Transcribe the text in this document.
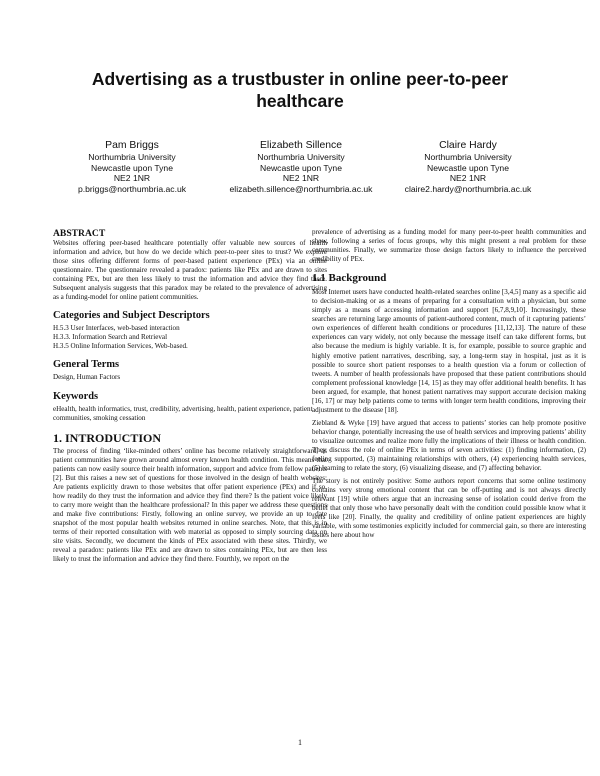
Advertising as a trustbuster in online peer-to-peer healthcare
Pam Briggs
Northumbria University
Newcastle upon Tyne
NE2 1NR
p.briggs@northumbria.ac.uk
Elizabeth Sillence
Northumbria University
Newcastle upon Tyne
NE2 1NR
elizabeth.sillence@northumbria.ac.uk
Claire Hardy
Northumbria University
Newcastle upon Tyne
NE2 1NR
claire2.hardy@northumbria.ac.uk
ABSTRACT

Websites offering peer-based healthcare potentially offer valuable new sources of health information and advice, but how do we decide which peer-to-peer sites to trust? We explore those sites offering different forms of peer-based patient experience (PEx) via an online questionnaire. The questionnaire revealed a paradox: patients like PEx and are drawn to sites containing PEx, but are then less likely to trust the information and advice they find there. Subsequent analysis suggests that this paradox may be related to the prevalence of advertising as a funding-model for online patient communities.

Categories and Subject Descriptors

H.5.3 User Interfaces, web-based interaction

H.3.3. Information Search and Retrieval

H.3.5 Online Information Services, Web-based.

General Terms

Design, Human Factors

Keywords

eHealth, health informatics, trust, credibility, advertising, health, patient experience, patient communities, smoking cessation

1. INTRODUCTION

The process of finding ‘like-minded others’ online has become relatively straightforward, as patient communities have grown around almost every known health condition. This means that patients can now easily source their health information, support and advice from fellow patients [2]. But this raises a new set of questions for those involved in the design of health websites: Are patients explicitly drawn to those websites that offer patient experience (PEx) and if so, how readily do they trust the information and advice they find there? Is the patient voice likely to carry more weight than the healthcare professional? In this paper we address these questions and make five contributions: Firstly, following an online survey, we provide an up to date snapshot of the most popular health websites returned in online searches. Note, that this is in terms of their reported consultation with web material as opposed to simply sourcing data on site visits. Secondly, we document the kinds of PEx associated with these sites. Thirdly, we reveal a paradox: patients like PEx and are drawn to sites containing PEx, but are then less likely to trust the information and advice they find there. Fourthly, we report on the

prevalence of advertising as a funding model for many peer-to-peer health communities and show, following a series of focus groups, why this might present a real problem for these communities. Finally, we summarize those design factors likely to influence the perceived credibility of PEx.

1.1 Background

Most Internet users have conducted health-related searches online [3,4,5] many as a specific aid to decision-making or as a means of preparing for a consultation with a physician, but some simply as a means of accessing information and support [6,7,8,9,10]. Increasingly, these searches are returning large amounts of patient-authored content, much of it capturing patients’ own experiences of different health conditions or procedures [11,12,13]. The nature of these experiences can vary widely, not only because the message itself can take different forms, but also because the medium is highly variable. It is, for example, possible to source graphic and highly emotive patient narratives, describing, say, a long-term stay in hospital, just as it is possible to source short patient responses to a health question via a forum or collection of tweets. A number of health professionals have proposed that these patient contributions should complement professional knowledge [14, 15] as they may offer additional health benefits. It has been argued, for example, that honest patient narratives may support accurate decision making [16, 17] or may help patients come to terms with longer term health conditions, improving their adjustment to the disease [18].

Ziebland & Wyke [19] have argued that access to patients’ stories can help promote positive behavior change, potentially increasing the use of health services and improving patients’ ability to visualize outcomes and realize more fully the implications of their illness or health condition. They discuss the role of online PEx in terms of seven activities: (1) finding information, (2) feeling supported, (3) maintaining relationships with others, (4) experiencing health services, (5) learning to relate the story, (6) visualizing disease, and (7) affecting behavior.

The story is not entirely positive: Some authors report concerns that some online testimony contains very strong emotional content that can be off-putting and is not always directly relevant [19] while others argue that an increasing sense of isolation could derive from the belief that only those who have personally dealt with the condition could possible know what it feels like [20]. Finally, the quality and credibility of online patient experiences are highly variable, with some testimonies explicitly included for commercial gain, so there are interesting issues here about how

1
